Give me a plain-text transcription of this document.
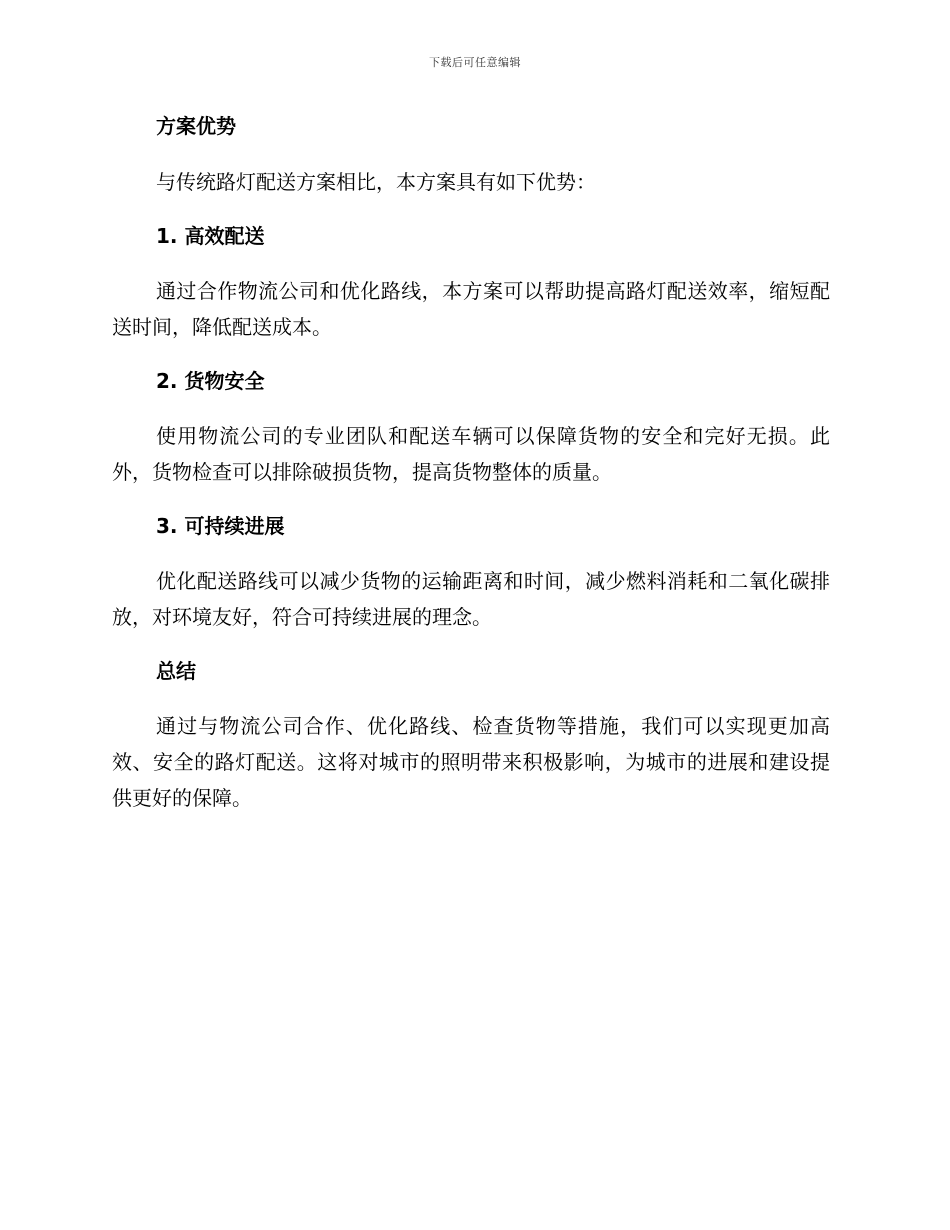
下载后可任意编辑
方案优势

与传统路灯配送方案相比，本方案具有如下优势：

1. 高效配送

通过合作物流公司和优化路线，本方案可以帮助提高路灯配送效率，缩短配送时间，降低配送成本。

2. 货物安全

使用物流公司的专业团队和配送车辆可以保障货物的安全和完好无损。此外，货物检查可以排除破损货物，提高货物整体的质量。

3. 可持续进展

优化配送路线可以减少货物的运输距离和时间，减少燃料消耗和二氧化碳排放，对环境友好，符合可持续进展的理念。

总结

通过与物流公司合作、优化路线、检查货物等措施，我们可以实现更加高效、安全的路灯配送。这将对城市的照明带来积极影响，为城市的进展和建设提供更好的保障。
